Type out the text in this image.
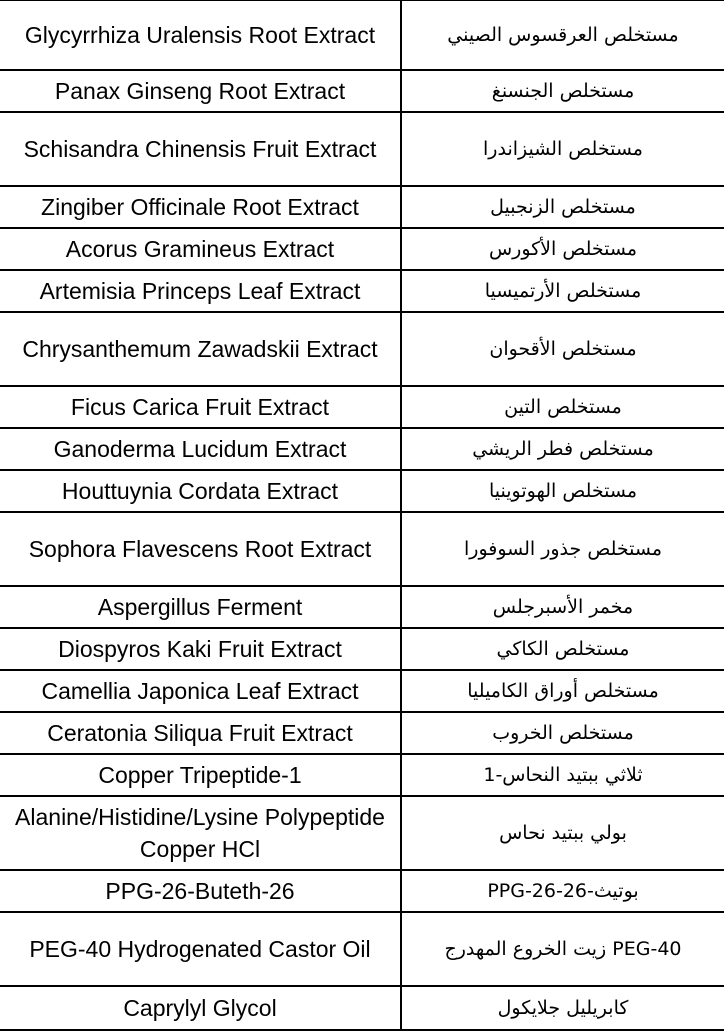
Glycyrrhiza Uralensis Root Extract	مستخلص العرقسوس الصيني
Panax Ginseng Root Extract	مستخلص الجنسنغ
Schisandra Chinensis Fruit Extract	مستخلص الشيزاندرا
Zingiber Officinale Root Extract	مستخلص الزنجبيل
Acorus Gramineus Extract	مستخلص الأكورس
Artemisia Princeps Leaf Extract	مستخلص الأرتميسيا
Chrysanthemum Zawadskii Extract	مستخلص الأقحوان
Ficus Carica Fruit Extract	مستخلص التين
Ganoderma Lucidum Extract	مستخلص فطر الريشي
Houttuynia Cordata Extract	مستخلص الهوتوينيا
Sophora Flavescens Root Extract	مستخلص جذور السوفورا
Aspergillus Ferment	مخمر الأسبرجلس
Diospyros Kaki Fruit Extract	مستخلص الكاكي
Camellia Japonica Leaf Extract	مستخلص أوراق الكاميليا
Ceratonia Siliqua Fruit Extract	مستخلص الخروب
Copper Tripeptide-1	ثلاثي ببتيد النحاس-1
Alanine/Histidine/Lysine Polypeptide Copper HCl	بولي ببتيد نحاس
PPG-26-Buteth-26	بوتيث-PPG-26-26
PEG-40 Hydrogenated Castor Oil	PEG-40 زيت الخروع المهدرج
Caprylyl Glycol	كابريليل جلايكول
